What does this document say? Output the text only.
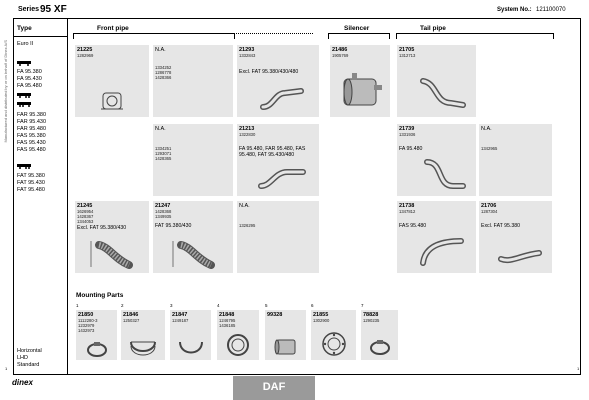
Manufactured and distributed by or on behalf of Dinex A/S
Series 95 XF	System No.: 121100070
Type
Euro II
FA 95.380
FA 95.430
FA 95.480
FAR 95.380
FAR 95.430
FAR 95.480
FAS 95.380
FAS 95.430
FAS 95.480
FAT 95.380
FAT 95.430
FAT 95.480
Horizontal
LHD
Standard
Front pipe	Silencer	Tail pipe
21225
1282969
N.A.
1334252
1286778
1428366
21293
1332843
Excl. FAT 95.380/430/480
21486
1905769
21705
1312713
N.A.
1334251
1293071
1428365
21213
1322830
FA 95.480, FAR 95.480, FAS
95.480, FAT 95.430/480
21739
1331936
FA 95.480
N.A.
1342965
21245
1626954
1428367
1344053
Excl. FAT 95.380/430
21247
1428368
1349935
FAT 95.380/430
N.A.
1326295
21738
1347812
FAS 95.480
21706
1287304
Excl. FAT 95.380
Mounting Parts
1
21850
1112280-3
1232979
1432973
2
21846
1250327
3
21847
1249187
4
21848
1246795
1436185
5
99328
6
21855
1302900
7
78828
1290235
1	1
dinex	DAF
